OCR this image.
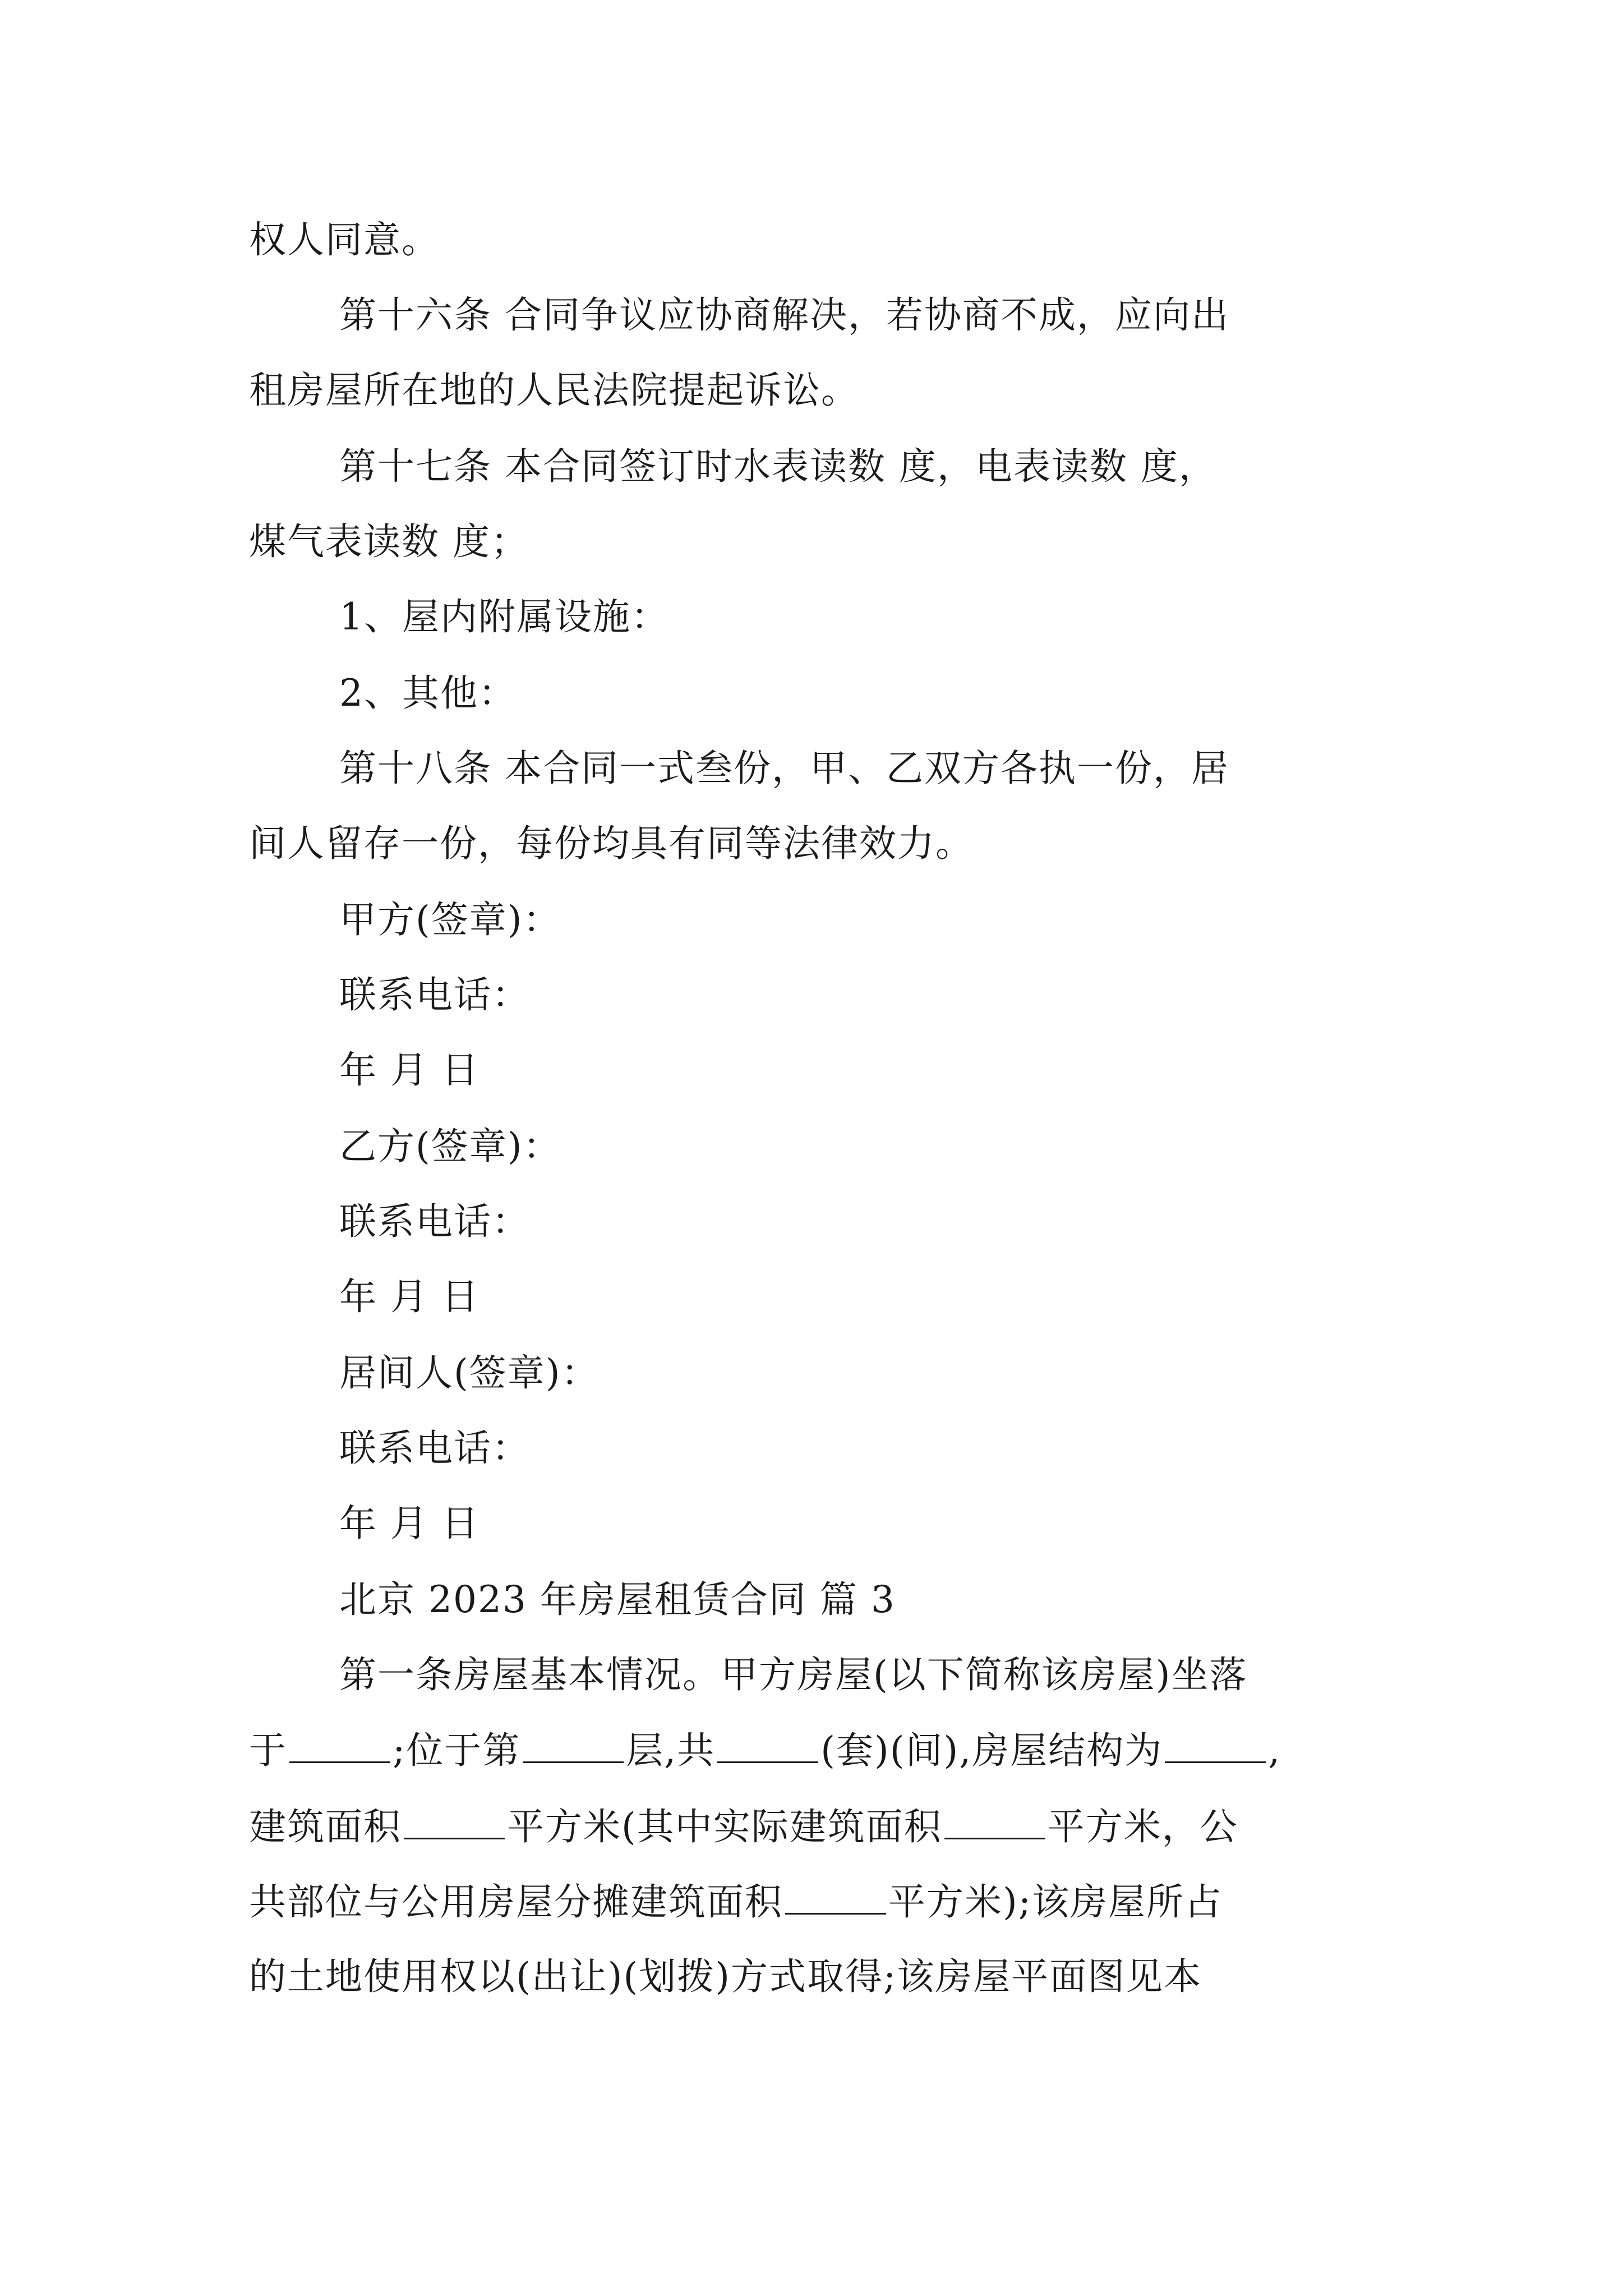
权人同意。
第十六条 合同争议应协商解决，若协商不成，应向出
租房屋所在地的人民法院提起诉讼。
第十七条 本合同签订时水表读数 度，电表读数 度，
煤气表读数 度；
1、屋内附属设施：
2、其他：
第十八条 本合同一式叁份，甲、乙双方各执一份，居
间人留存一份，每份均具有同等法律效力。
甲方(签章)：
联系电话：
年 月 日
乙方(签章)：
联系电话：
年 月 日
居间人(签章)：
联系电话：
年 月 日
北京 2023 年房屋租赁合同 篇 3
第一条房屋基本情况。甲方房屋(以下简称该房屋)坐落
于	;位于第	层,共	(套)(间),房屋结构为	,
建筑面积	平方米(其中实际建筑面积	平方米，公
共部位与公用房屋分摊建筑面积	平方米);该房屋所占
的土地使用权以(出让)(划拨)方式取得;该房屋平面图见本
